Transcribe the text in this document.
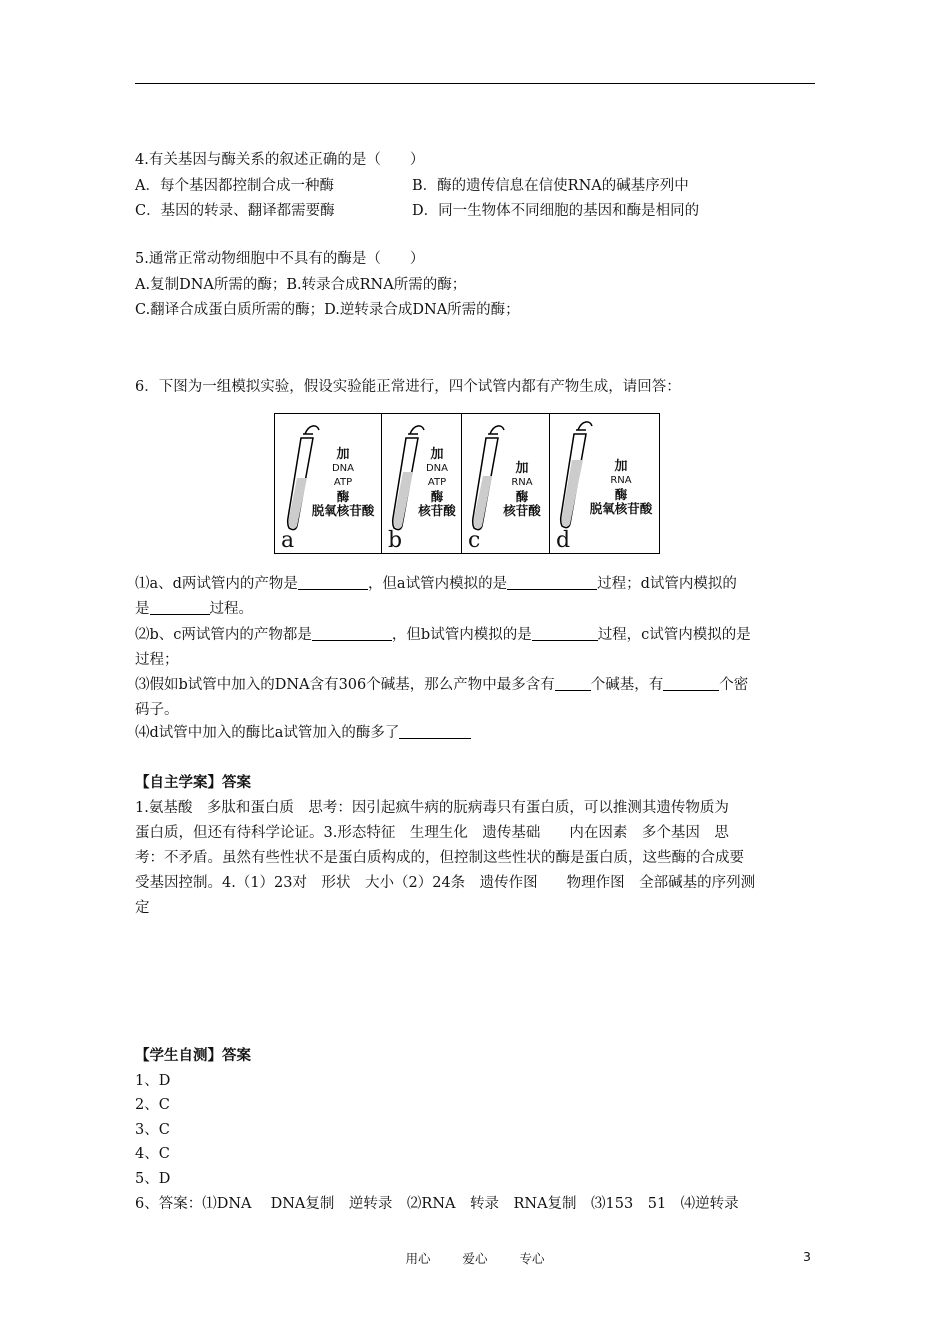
4.有关基因与酶关系的叙述正确的是（　　）
A．每个基因都控制合成一种酶	B．酶的遗传信息在信使RNA的碱基序列中
C．基因的转录、翻译都需要酶	D．同一生物体不同细胞的基因和酶是相同的
5.通常正常动物细胞中不具有的酶是（　　）
A.复制DNA所需的酶；B.转录合成RNA所需的酶；
C.翻译合成蛋白质所需的酶；D.逆转录合成DNA所需的酶；
6．下图为一组模拟实验，假设实验能正常进行，四个试管内都有产物生成，请回答：
加
DNA
ATP
酶
脱氧核苷酸
a
加
DNA
ATP
酶
核苷酸
b
加
RNA
酶
核苷酸
c
加
RNA
酶
脱氧核苷酸
d
⑴a、d两试管内的产物是	，但a试管内模拟的是	过程；d试管内模拟的
是	过程。
⑵b、c两试管内的产物都是	，但b试管内模拟的是	过程，c试管内模拟的是
过程；
⑶假如b试管中加入的DNA含有306个碱基，那么产物中最多含有 个碱基，有	个密
码子。
⑷d试管中加入的酶比a试管加入的酶多了
【自主学案】答案
1.氨基酸　多肽和蛋白质　思考：因引起疯牛病的朊病毒只有蛋白质，可以推测其遗传物质为
蛋白质，但还有待科学论证。3.形态特征　生理生化　遗传基础　　内在因素　多个基因　思
考：不矛盾。虽然有些性状不是蛋白质构成的，但控制这些性状的酶是蛋白质，这些酶的合成要
受基因控制。4.（1）23对　形状　大小（2）24条　遗传作图　　物理作图　全部碱基的序列测
定
【学生自测】答案
1、D
2、C
3、C
4、C
5、D
6、答案：⑴DNA　 DNA复制　逆转录　⑵RNA　转录　RNA复制　⑶153　51　⑷逆转录
用心	爱心	专心	3
